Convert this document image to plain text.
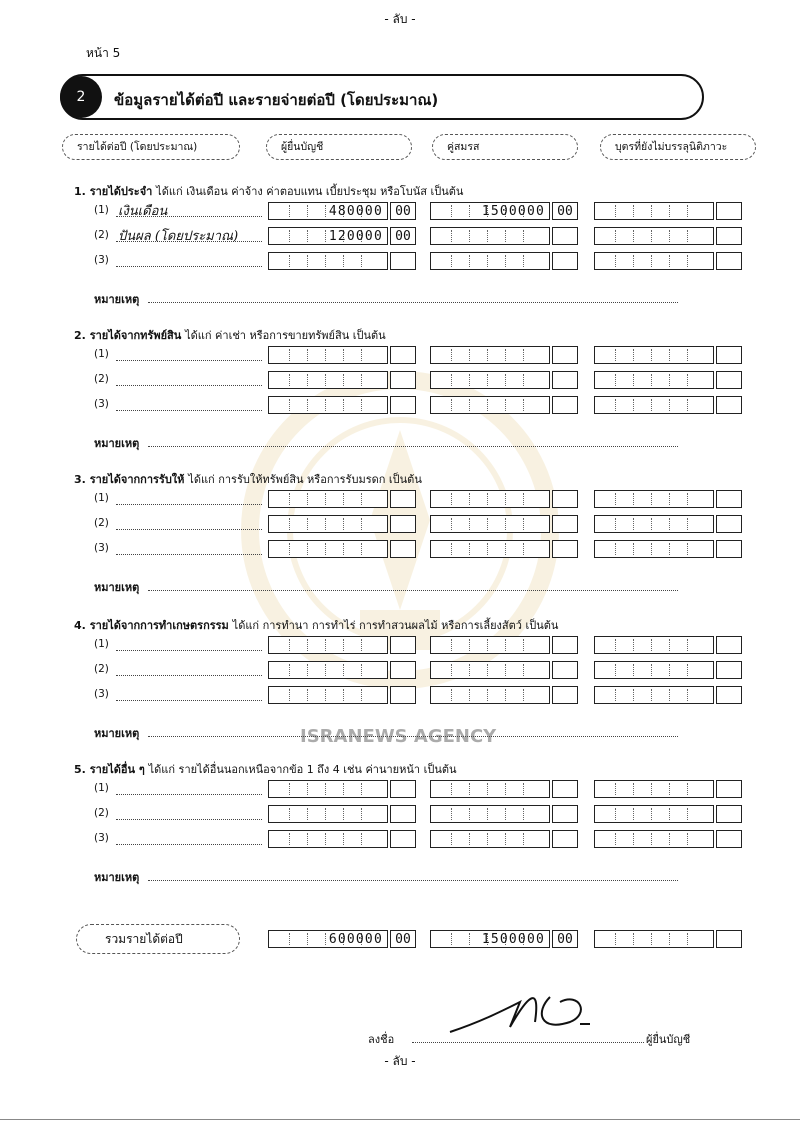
- ลับ -
หน้า 5
2	ข้อมูลรายได้ต่อปี และรายจ่ายต่อปี (โดยประมาณ)
รายได้ต่อปี (โดยประมาณ)	ผู้ยื่นบัญชี	คู่สมรส	บุตรที่ยังไม่บรรลุนิติภาวะ
ISRANEWS AGENCY
1. รายได้ประจำ ได้แก่ เงินเดือน ค่าจ้าง ค่าตอบแทน เบี้ยประชุม หรือโบนัส เป็นต้น
(1) เงินเดือน	480000 00	1500000 00
(2) ปันผล (โดยประมาณ)	120000 00
(3)
หมายเหตุ
2. รายได้จากทรัพย์สิน ได้แก่ ค่าเช่า หรือการขายทรัพย์สิน เป็นต้น
(1)
(2)
(3)
หมายเหตุ
3. รายได้จากการรับให้ ได้แก่ การรับให้ทรัพย์สิน หรือการรับมรดก เป็นต้น
(1)
(2)
(3)
หมายเหตุ
4. รายได้จากการทำเกษตรกรรม ได้แก่ การทำนา การทำไร่ การทำสวนผลไม้ หรือการเลี้ยงสัตว์ เป็นต้น
(1)
(2)
(3)
หมายเหตุ
5. รายได้อื่น ๆ ได้แก่ รายได้อื่นนอกเหนือจากข้อ 1 ถึง 4 เช่น ค่านายหน้า เป็นต้น
(1)
(2)
(3)
หมายเหตุ
รวมรายได้ต่อปี	600000 00	1500000 00
ลงชื่อ	ผู้ยื่นบัญชี
- ลับ -
